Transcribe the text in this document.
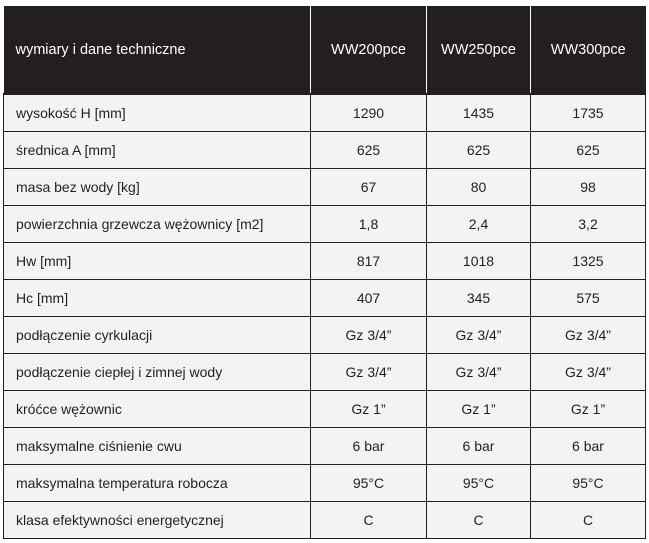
wymiary i dane techniczne	WW200pce	WW250pce	WW300pce
wysokość H [mm]	1290	1435	1735
średnica A [mm]	625	625	625
masa bez wody [kg]	67	80	98
powierzchnia grzewcza wężownicy [m2]	1,8	2,4	3,2
Hw [mm]	817	1018	1325
Hc [mm]	407	345	575
podłączenie cyrkulacji	Gz 3/4”	Gz 3/4”	Gz 3/4”
podłączenie ciepłej i zimnej wody	Gz 3/4”	Gz 3/4”	Gz 3/4”
króćce wężownic	Gz 1”	Gz 1”	Gz 1”
maksymalne ciśnienie cwu	6 bar	6 bar	6 bar
maksymalna temperatura robocza	95°C	95°C	95°C
klasa efektywności energetycznej	C	C	C
